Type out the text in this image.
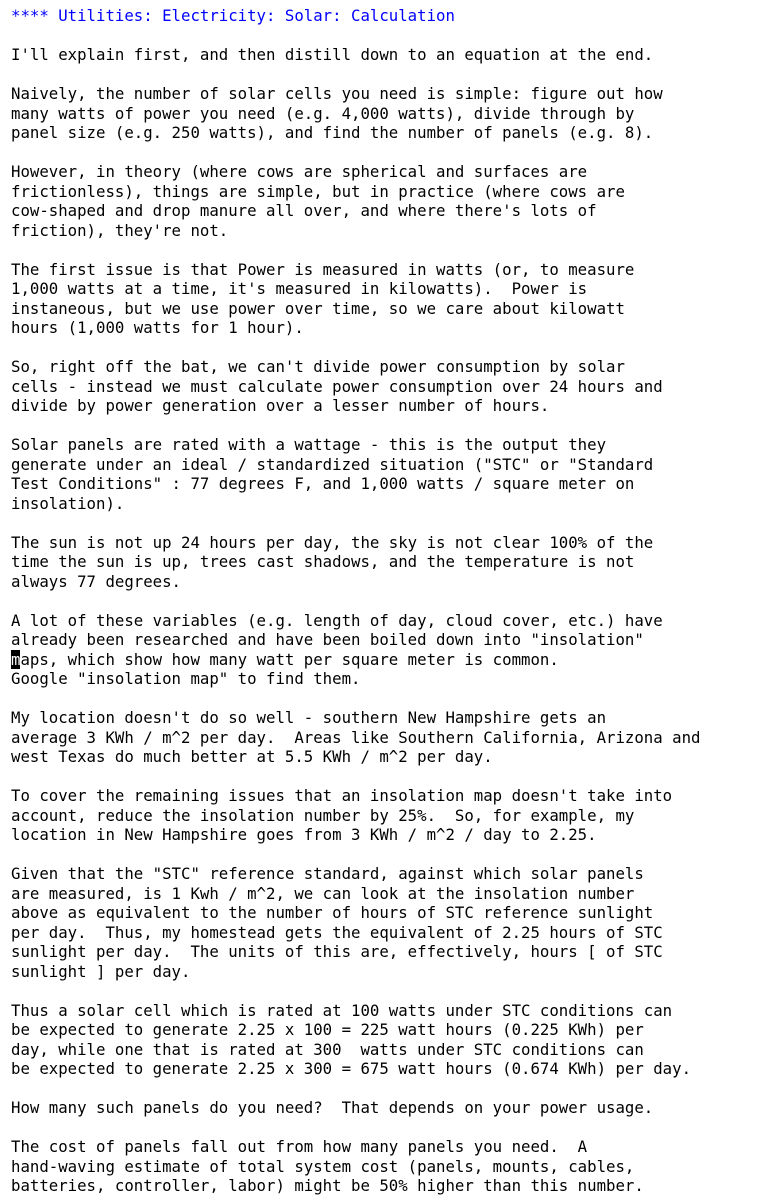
**** Utilities: Electricity: Solar: Calculation
I'll explain first, and then distill down to an equation at the end.
Naively, the number of solar cells you need is simple: figure out how
many watts of power you need (e.g. 4,000 watts), divide through by
panel size (e.g. 250 watts), and find the number of panels (e.g. 8).
However, in theory (where cows are spherical and surfaces are
frictionless), things are simple, but in practice (where cows are
cow-shaped and drop manure all over, and where there's lots of
friction), they're not.
The first issue is that Power is measured in watts (or, to measure
1,000 watts at a time, it's measured in kilowatts).  Power is
instaneous, but we use power over time, so we care about kilowatt
hours (1,000 watts for 1 hour).
So, right off the bat, we can't divide power consumption by solar
cells - instead we must calculate power consumption over 24 hours and
divide by power generation over a lesser number of hours.
Solar panels are rated with a wattage - this is the output they
generate under an ideal / standardized situation ("STC" or "Standard
Test Conditions" : 77 degrees F, and 1,000 watts / square meter on
insolation).
The sun is not up 24 hours per day, the sky is not clear 100% of the
time the sun is up, trees cast shadows, and the temperature is not
always 77 degrees.
A lot of these variables (e.g. length of day, cloud cover, etc.) have
already been researched and have been boiled down into "insolation"
maps, which show how many watt per square meter is common.
Google "insolation map" to find them.
My location doesn't do so well - southern New Hampshire gets an
average 3 KWh / m^2 per day.  Areas like Southern California, Arizona and
west Texas do much better at 5.5 KWh / m^2 per day.
To cover the remaining issues that an insolation map doesn't take into
account, reduce the insolation number by 25%.  So, for example, my
location in New Hampshire goes from 3 KWh / m^2 / day to 2.25.
Given that the "STC" reference standard, against which solar panels
are measured, is 1 Kwh / m^2, we can look at the insolation number
above as equivalent to the number of hours of STC reference sunlight
per day.  Thus, my homestead gets the equivalent of 2.25 hours of STC
sunlight per day.  The units of this are, effectively, hours [ of STC
sunlight ] per day.
Thus a solar cell which is rated at 100 watts under STC conditions can
be expected to generate 2.25 x 100 = 225 watt hours (0.225 KWh) per
day, while one that is rated at 300  watts under STC conditions can
be expected to generate 2.25 x 300 = 675 watt hours (0.674 KWh) per day.
How many such panels do you need?  That depends on your power usage.
The cost of panels fall out from how many panels you need.  A
hand-waving estimate of total system cost (panels, mounts, cables,
batteries, controller, labor) might be 50% higher than this number.
